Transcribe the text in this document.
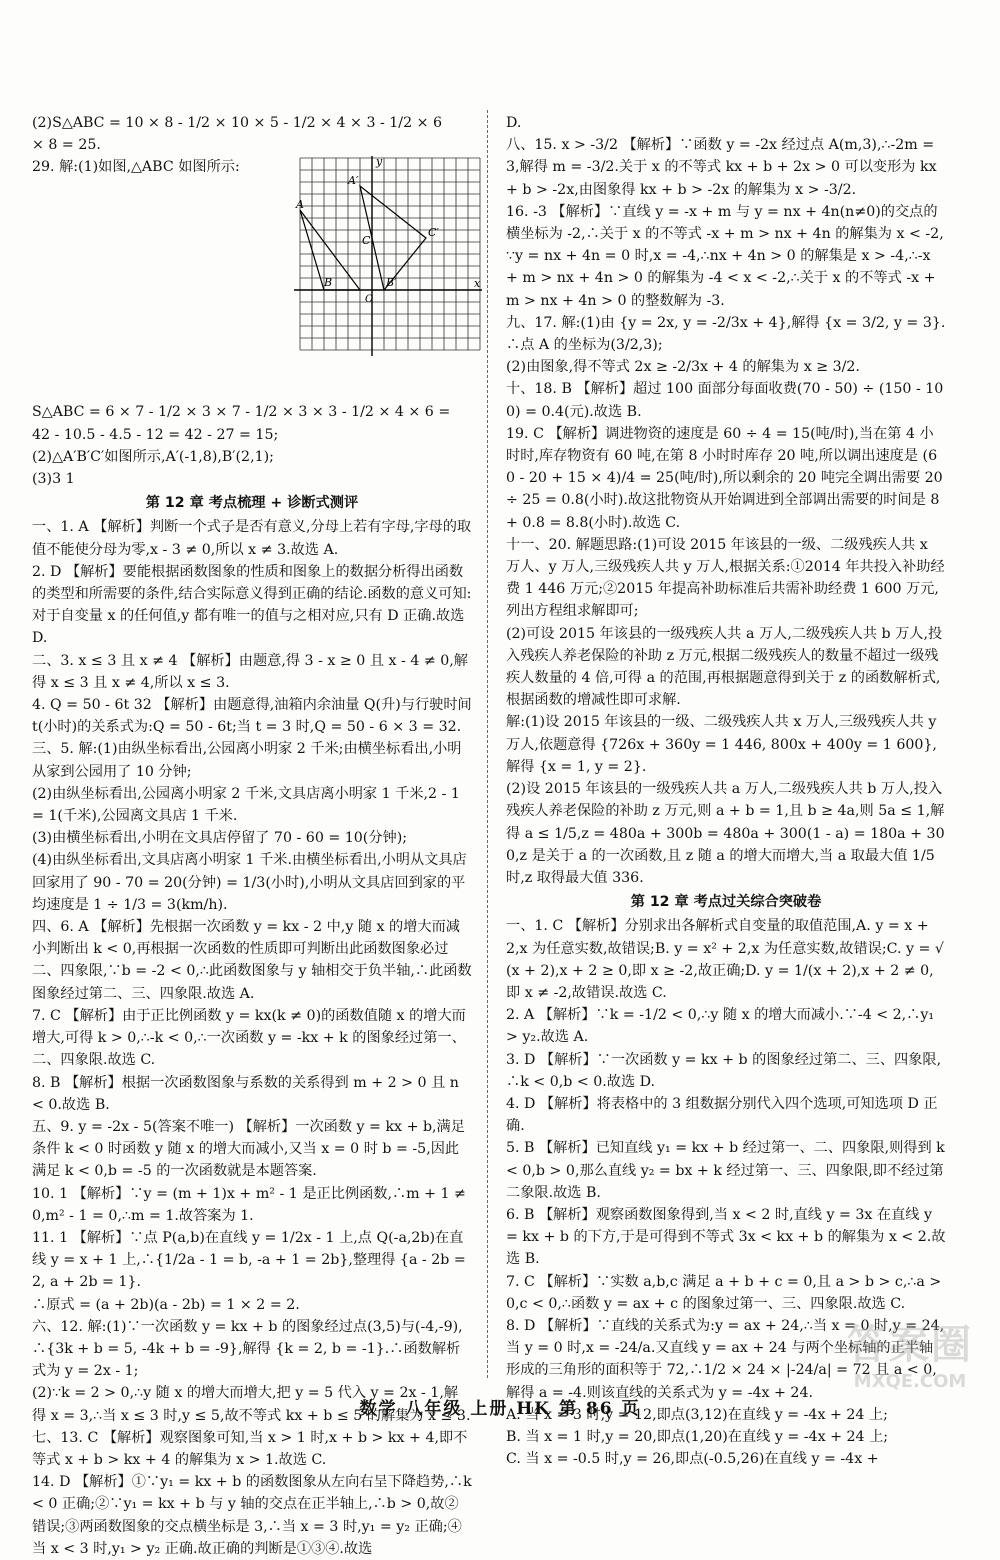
(2)S△ABC = 10 × 8 - 1/2 × 10 × 5 - 1/2 × 4 × 3 - 1/2 × 6

× 8 = 25.

29. 解:(1)如图,△ABC 如图所示:

A
B
C′
A′
B′
C
O
x
y

S△ABC = 6 × 7 - 1/2 × 3 × 7 - 1/2 × 3 × 3 - 1/2 × 4 × 6 =

42 - 10.5 - 4.5 - 12 = 42 - 27 = 15;

(2)△A′B′C′如图所示,A′(-1,8),B′(2,1);

(3)3 1

第 12 章 考点梳理 + 诊断式测评

一、1. A 【解析】判断一个式子是否有意义,分母上若有字母,字母的取值不能使分母为零,x - 3 ≠ 0,所以 x ≠ 3.故选 A.

2. D 【解析】要能根据函数图象的性质和图象上的数据分析得出函数的类型和所需要的条件,结合实际意义得到正确的结论.函数的意义可知:对于自变量 x 的任何值,y 都有唯一的值与之相对应,只有 D 正确.故选 D.

二、3. x ≤ 3 且 x ≠ 4 【解析】由题意,得 3 - x ≥ 0 且 x - 4 ≠ 0,解得 x ≤ 3 且 x ≠ 4,所以 x ≤ 3.

4. Q = 50 - 6t 32 【解析】由题意得,油箱内余油量 Q(升)与行驶时间 t(小时)的关系式为:Q = 50 - 6t;当 t = 3 时,Q = 50 - 6 × 3 = 32.

三、5. 解:(1)由纵坐标看出,公园离小明家 2 千米;由横坐标看出,小明从家到公园用了 10 分钟;

(2)由纵坐标看出,公园离小明家 2 千米,文具店离小明家 1 千米,2 - 1 = 1(千米),公园离文具店 1 千米.

(3)由横坐标看出,小明在文具店停留了 70 - 60 = 10(分钟);

(4)由纵坐标看出,文具店离小明家 1 千米.由横坐标看出,小明从文具店回家用了 90 - 70 = 20(分钟) = 1/3(小时),小明从文具店回到家的平均速度是 1 ÷ 1/3 = 3(km/h).

四、6. A 【解析】先根据一次函数 y = kx - 2 中,y 随 x 的增大而减小判断出 k < 0,再根据一次函数的性质即可判断出此函数图象必过二、四象限,∵b = -2 < 0,∴此函数图象与 y 轴相交于负半轴,∴此函数图象经过第二、三、四象限.故选 A.

7. C 【解析】由于正比例函数 y = kx(k ≠ 0)的函数值随 x 的增大而增大,可得 k > 0,∴-k < 0,∴一次函数 y = -kx + k 的图象经过第一、二、四象限.故选 C.

8. B 【解析】根据一次函数图象与系数的关系得到 m + 2 > 0 且 n < 0.故选 B.

五、9. y = -2x - 5(答案不唯一) 【解析】一次函数 y = kx + b,满足条件 k < 0 时函数 y 随 x 的增大而减小,又当 x = 0 时 b = -5,因此满足 k < 0,b = -5 的一次函数就是本题答案.

10. 1 【解析】∵y = (m + 1)x + m² - 1 是正比例函数,∴m + 1 ≠ 0,m² - 1 = 0,∴m = 1.故答案为 1.

11. 1 【解析】∵点 P(a,b)在直线 y = 1/2x - 1 上,点 Q(-a,2b)在直线 y = x + 1 上,∴{1/2a - 1 = b, -a + 1 = 2b},整理得 {a - 2b = 2, a + 2b = 1}.

∴原式 = (a + 2b)(a - 2b) = 1 × 2 = 2.

六、12. 解:(1)∵一次函数 y = kx + b 的图象经过点(3,5)与(-4,-9),∴{3k + b = 5, -4k + b = -9},解得 {k = 2, b = -1}.∴函数解析式为 y = 2x - 1;

(2)∵k = 2 > 0,∴y 随 x 的增大而增大,把 y = 5 代入 y = 2x - 1,解得 x = 3,∴当 x ≤ 3 时,y ≤ 5,故不等式 kx + b ≤ 5 的解集为 x ≤ 3.

七、13. C 【解析】观察图象可知,当 x > 1 时,x + b > kx + 4,即不等式 x + b > kx + 4 的解集为 x > 1.故选 C.

14. D 【解析】①∵y₁ = kx + b 的函数图象从左向右呈下降趋势,∴k < 0 正确;②∵y₁ = kx + b 与 y 轴的交点在正半轴上,∴b > 0,故②错误;③两函数图象的交点横坐标是 3,∴当 x = 3 时,y₁ = y₂ 正确;④当 x < 3 时,y₁ > y₂ 正确.故正确的判断是①③④.故选

D.

八、15. x > -3/2 【解析】∵函数 y = -2x 经过点 A(m,3),∴-2m = 3,解得 m = -3/2.关于 x 的不等式 kx + b + 2x > 0 可以变形为 kx + b > -2x,由图象得 kx + b > -2x 的解集为 x > -3/2.

16. -3 【解析】∵直线 y = -x + m 与 y = nx + 4n(n≠0)的交点的横坐标为 -2,∴关于 x 的不等式 -x + m > nx + 4n 的解集为 x < -2,∵y = nx + 4n = 0 时,x = -4,∴nx + 4n > 0 的解集是 x > -4,∴-x + m > nx + 4n > 0 的解集为 -4 < x < -2,∴关于 x 的不等式 -x + m > nx + 4n > 0 的整数解为 -3.

九、17. 解:(1)由 {y = 2x, y = -2/3x + 4},解得 {x = 3/2, y = 3}.

∴点 A 的坐标为(3/2,3);

(2)由图象,得不等式 2x ≥ -2/3x + 4 的解集为 x ≥ 3/2.

十、18. B 【解析】超过 100 面部分每面收费(70 - 50) ÷ (150 - 100) = 0.4(元).故选 B.

19. C 【解析】调进物资的速度是 60 ÷ 4 = 15(吨/时),当在第 4 小时时,库存物资有 60 吨,在第 8 小时时库存 20 吨,所以调出速度是 (60 - 20 + 15 × 4)/4 = 25(吨/时),所以剩余的 20 吨完全调出需要 20 ÷ 25 = 0.8(小时).故这批物资从开始调进到全部调出需要的时间是 8 + 0.8 = 8.8(小时).故选 C.

十一、20. 解题思路:(1)可设 2015 年该县的一级、二级残疾人共 x 万人、y 万人,三级残疾人共 y 万人,根据关系:①2014 年共投入补助经费 1 446 万元;②2015 年提高补助标准后共需补助经费 1 600 万元,列出方程组求解即可;

(2)可设 2015 年该县的一级残疾人共 a 万人,二级残疾人共 b 万人,投入残疾人养老保险的补助 z 万元,根据二级残疾人的数量不超过一级残疾人数量的 4 倍,可得 a 的范围,再根据题意得到关于 z 的函数解析式,根据函数的增减性即可求解.

解:(1)设 2015 年该县的一级、二级残疾人共 x 万人,三级残疾人共 y 万人,依题意得 {726x + 360y = 1 446, 800x + 400y = 1 600},解得 {x = 1, y = 2}.

(2)设 2015 年该县的一级残疾人共 a 万人,二级残疾人共 b 万人,投入残疾人养老保险的补助 z 万元,则 a + b = 1,且 b ≥ 4a,则 5a ≤ 1,解得 a ≤ 1/5,z = 480a + 300b = 480a + 300(1 - a) = 180a + 300,z 是关于 a 的一次函数,且 z 随 a 的增大而增大,当 a 取最大值 1/5 时,z 取得最大值 336.

第 12 章 考点过关综合突破卷

一、1. C 【解析】分别求出各解析式自变量的取值范围,A. y = x + 2,x 为任意实数,故错误;B. y = x² + 2,x 为任意实数,故错误;C. y = √(x + 2),x + 2 ≥ 0,即 x ≥ -2,故正确;D. y = 1/(x + 2),x + 2 ≠ 0,即 x ≠ -2,故错误.故选 C.

2. A 【解析】∵k = -1/2 < 0,∴y 随 x 的增大而减小.∵-4 < 2,∴y₁ > y₂.故选 A.

3. D 【解析】∵一次函数 y = kx + b 的图象经过第二、三、四象限,∴k < 0,b < 0.故选 D.

4. D 【解析】将表格中的 3 组数据分别代入四个选项,可知选项 D 正确.

5. B 【解析】已知直线 y₁ = kx + b 经过第一、二、四象限,则得到 k < 0,b > 0,那么直线 y₂ = bx + k 经过第一、三、四象限,即不经过第二象限.故选 B.

6. B 【解析】观察函数图象得到,当 x < 2 时,直线 y = 3x 在直线 y = kx + b 的下方,于是可得到不等式 3x < kx + b 的解集为 x < 2.故选 B.

7. C 【解析】∵实数 a,b,c 满足 a + b + c = 0,且 a > b > c,∴a > 0,c < 0,∴函数 y = ax + c 的图象过第一、三、四象限.故选 C.

8. D 【解析】∵直线的关系式为:y = ax + 24,∴当 x = 0 时,y = 24,当 y = 0 时,x = -24/a.又直线 y = ax + 24 与两个坐标轴的正半轴形成的三角形的面积等于 72,∴1/2 × 24 × |-24/a| = 72 且 a < 0,解得 a = -4.则该直线的关系式为 y = -4x + 24.

A. 当 x = 3 时,y = 12,即点(3,12)在直线 y = -4x + 24 上;

B. 当 x = 1 时,y = 20,即点(1,20)在直线 y = -4x + 24 上;

C. 当 x = -0.5 时,y = 26,即点(-0.5,26)在直线 y = -4x +

数学 八年级 上册 HK 第 86 页
答案圈
MXQE.COM
